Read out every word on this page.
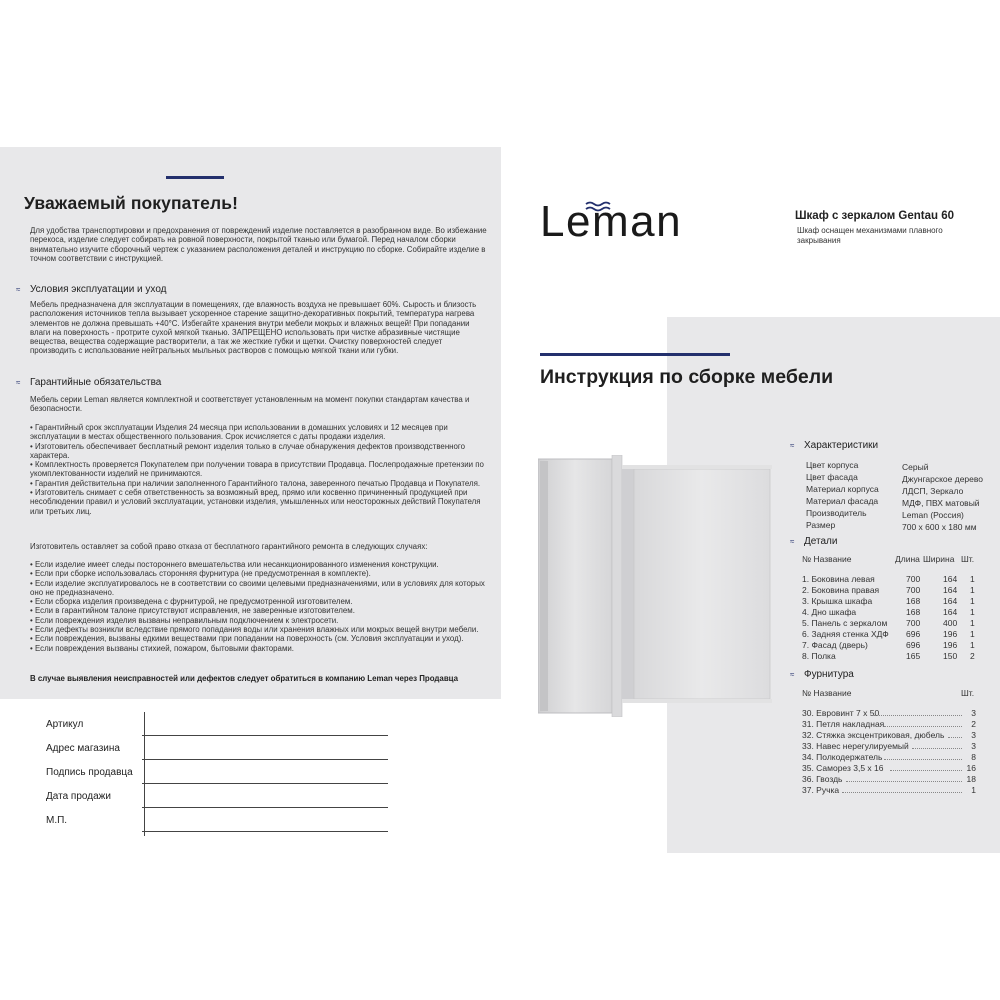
Уважаемый покупатель!
Для удобства транспортировки и предохранения от повреждений изделие поставляется в разобранном виде. Во избежание перекоса, изделие следует собирать на ровной поверхности, покрытой тканью или бумагой. Перед началом сборки внимательно изучите сборочный чертеж с указанием расположения деталей и инструкцию по сборке. Собирайте изделие в точном соответствии с инструкцией.
≈ Условия эксплуатации и уход
Мебель предназначена для эксплуатации в помещениях, где влажность воздуха не превышает 60%. Сырость и близость расположения источников тепла вызывает ускоренное старение защитно-декоративных покрытий, температура нагрева элементов не должна превышать +40°С. Избегайте хранения внутри мебели мокрых и влажных вещей! При попадании влаги на поверхность - протрите сухой мягкой тканью. ЗАПРЕЩЕНО использовать при чистке абразивные чистящие вещества, вещества содержащие растворители, а так же жесткие губки и щетки. Очистку поверхностей следует производить с использование нейтральных мыльных растворов с помощью мягкой ткани или губки.
≈ Гарантийные обязательства
Мебель серии Leman является комплектной и соответствует установленным на момент покупки стандартам качества и безопасности.
• Гарантийный срок эксплуатации Изделия 24 месяца при использовании в домашних условиях и 12 месяцев при эксплуатации в местах общественного пользования. Срок исчисляется с даты продажи изделия.
• Изготовитель обеспечивает бесплатный ремонт изделия только в случае обнаружения дефектов производственного характера.
• Комплектность проверяется Покупателем при получении товара в присутствии Продавца. Послепродажные претензии по укомплектованности изделий не принимаются.
• Гарантия действительна при наличии заполненного Гарантийного талона, заверенного печатью Продавца и Покупателя.
• Изготовитель снимает с себя ответственность за возможный вред, прямо или косвенно причиненный продукцией при несоблюдении правил и условий эксплуатации, установки изделия, умышленных или неосторожных действий Покупателя или третьих лиц.
Изготовитель оставляет за собой право отказа от бесплатного гарантийного ремонта в следующих случаях:
• Если изделие имеет следы постороннего вмешательства или несанкционированного изменения конструкции.
• Если при сборке использовалась сторонняя фурнитура (не предусмотренная в комплекте).
• Если изделие эксплуатировалось не в соответствии со своими целевыми предназначениями, или в условиях для которых оно не предназначено.
• Если сборка изделия произведена с фурнитурой, не предусмотренной изготовителем.
• Если в гарантийном талоне присутствуют исправления, не заверенные изготовителем.
• Если повреждения изделия вызваны неправильным подключением к электросети.
• Если дефекты возникли вследствие прямого попадания воды или хранения влажных или мокрых вещей внутри мебели.
• Если повреждения, вызваны едкими веществами при попадании на поверхность (см. Условия эксплуатации и уход).
• Если повреждения вызваны стихией, пожаром, бытовыми факторами.
В случае выявления неисправностей или дефектов следует обратиться в компанию Leman через Продавца
Артикул
Адрес магазина
Подпись продавца
Дата продажи
М.П.
Leman	Шкаф с зеркалом Gentau 60
Шкаф оснащен механизмами плавного закрывания
Инструкция по сборке мебели
≈ Характеристики
Цвет корпуса	Серый
Цвет фасада	Джунгарское дерево
Материал корпуса	ЛДСП, Зеркало
Материал фасада	МДФ, ПВХ матовый
Производитель	Leman (Россия)
Размер	700 x 600 x 180 мм
≈ Детали
№ Название	Длина Ширина Шт.
1. Боковина левая	700	164 1
2. Боковина правая	700	164 1
3. Крышка шкафа	168	164 1
4. Дно шкафа	168	164 1
5. Панель с зеркалом 700	400 1
6. Задняя стенка ХДФ 696	196 1
7. Фасад (дверь)	696	196 1
8. Полка	165	150 2
≈ Фурнитура
№ Название	Шт.
30. Евровинт 7 x 50	3
31. Петля накладная	2
32. Стяжка эксцентриковая, дюбель	3
33. Навес нерегулируемый	3
34. Полкодержатель	8
35. Саморез 3,5 x 16	16
36. Гвоздь	18
37. Ручка	1
